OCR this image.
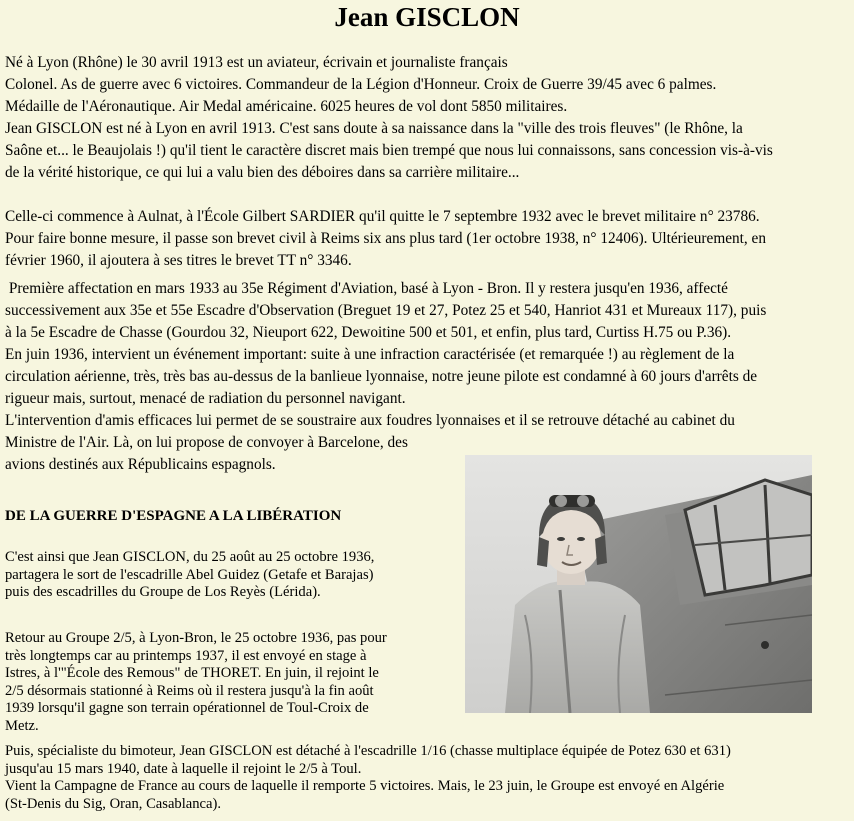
Jean GISCLON
Né à Lyon (Rhône) le 30 avril 1913 est un aviateur, écrivain et journaliste français
Colonel. As de guerre avec 6 victoires. Commandeur de la Légion d'Honneur. Croix de Guerre 39/45 avec 6 palmes.
Médaille de l'Aéronautique. Air Medal américaine. 6025 heures de vol dont 5850 militaires.
Jean GISCLON est né à Lyon en avril 1913. C'est sans doute à sa naissance dans la "ville des trois fleuves" (le Rhône, la
Saône et... le Beaujolais !) qu'il tient le caractère discret mais bien trempé que nous lui connaissons, sans concession vis-à-vis
de la vérité historique, ce qui lui a valu bien des déboires dans sa carrière militaire...
Celle-ci commence à Aulnat, à l'École Gilbert SARDIER qu'il quitte le 7 septembre 1932 avec le brevet militaire n° 23786.
Pour faire bonne mesure, il passe son brevet civil à Reims six ans plus tard (1er octobre 1938, n° 12406). Ultérieurement, en
février 1960, il ajoutera à ses titres le brevet TT n° 3346.
Première affectation en mars 1933 au 35e Régiment d'Aviation, basé à Lyon - Bron. Il y restera jusqu'en 1936, affecté
successivement aux 35e et 55e Escadre d'Observation (Breguet 19 et 27, Potez 25 et 540, Hanriot 431 et Mureaux 117), puis
à la 5e Escadre de Chasse (Gourdou 32, Nieuport 622, Dewoitine 500 et 501, et enfin, plus tard, Curtiss H.75 ou P.36).
En juin 1936, intervient un événement important: suite à une infraction caractérisée (et remarquée !) au règlement de la
circulation aérienne, très, très bas au-dessus de la banlieue lyonnaise, notre jeune pilote est condamné à 60 jours d'arrêts de
rigueur mais, surtout, menacé de radiation du personnel navigant.
L'intervention d'amis efficaces lui permet de se soustraire aux foudres lyonnaises et il se retrouve détaché au cabinet du
Ministre de l'Air. Là, on lui propose de convoyer à Barcelone, des
avions destinés aux Républicains espagnols.
DE LA GUERRE D'ESPAGNE A LA LIBÉRATION
C'est ainsi que Jean GISCLON, du 25 août au 25 octobre 1936,
partagera le sort de l'escadrille Abel Guidez (Getafe et Barajas)
puis des escadrilles du Groupe de Los Reyès (Lérida).
Retour au Groupe 2/5, à Lyon-Bron, le 25 octobre 1936, pas pour
très longtemps car au printemps 1937, il est envoyé en stage à
Istres, à l'"École des Remous" de THORET. En juin, il rejoint le
2/5 désormais stationné à Reims où il restera jusqu'à la fin août
1939 lorsqu'il gagne son terrain opérationnel de Toul-Croix de
Metz.
Puis, spécialiste du bimoteur, Jean GISCLON est détaché à l'escadrille 1/16 (chasse multiplace équipée de Potez 630 et 631)
jusqu'au 15 mars 1940, date à laquelle il rejoint le 2/5 à Toul.
Vient la Campagne de France au cours de laquelle il remporte 5 victoires. Mais, le 23 juin, le Groupe est envoyé en Algérie
(St-Denis du Sig, Oran, Casablanca).
